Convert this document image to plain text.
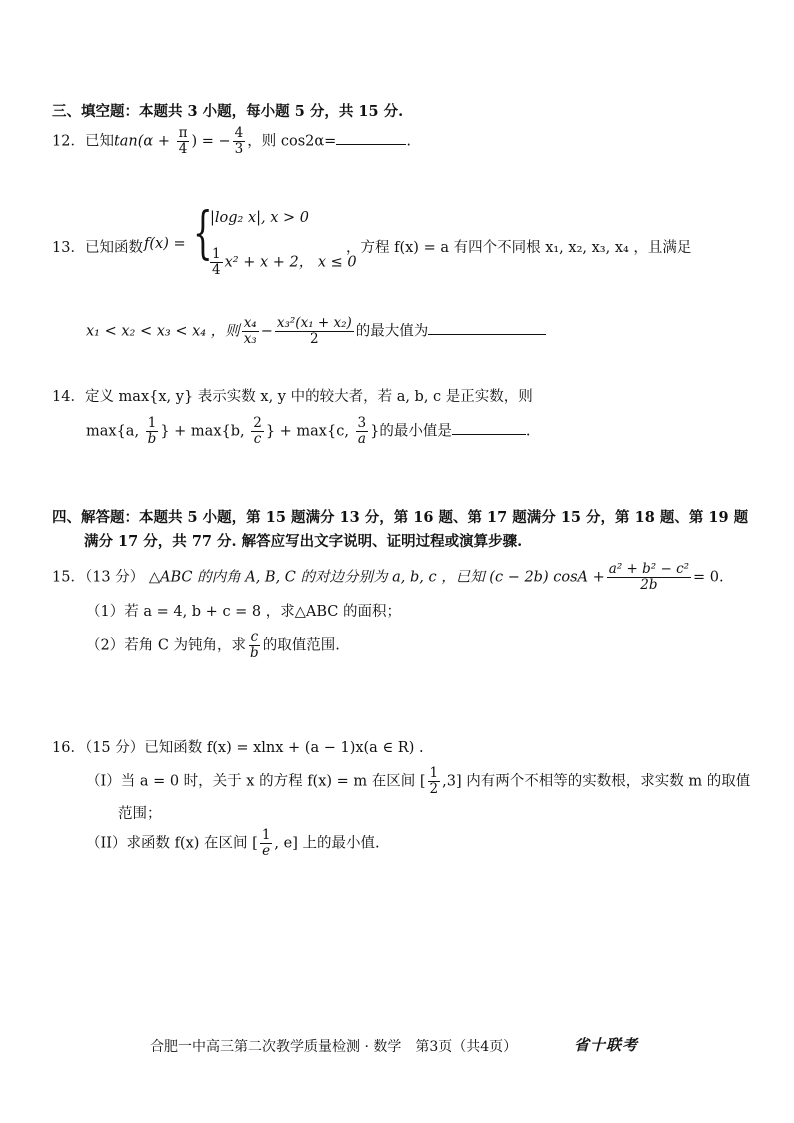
三、填空题：本题共 3 小题，每小题 5 分，共 15 分.
12．已知$\tan(\alpha + \frac{\pi}{4}$ ) = − $\frac{4}{3}$ ，则 cos2α=	.
13．已知函数 f(x) = {
|log₂ x|, x > 0
$\frac{1}{4} x^2 + x + 2$， x ≤ 0
，方程 f(x) = a 有四个不同根 x₁, x₂, x₃, x₄ ，且满足
x₁ < x₂ < x₃ < x₄ ，则 $\frac{\text{x₄}}{\text{x₃}} - \frac{\text{x₃²(x₁ + x₂)}}{2}$ 的最大值为
14．定义 max{x, y} 表示实数 x, y 中的较大者，若 a, b, c 是正实数，则
max{a, $\frac{1}{b}$ } + max{b, $\frac{2}{c}$ } + max{c, $\frac{3}{a}$ }的最小值是	.
四、解答题：本题共 5 小题，第 15 题满分 13 分，第 16 题、第 17 题满分 15 分，第 18 题、第 19 题
满分 17 分，共 77 分. 解答应写出文字说明、证明过程或演算步骤.
15．（13 分） △ABC 的内角 A, B, C 的对边分别为 a, b, c ，已知 (c − 2b) $\cos A + \frac{\text{a² + b² − c²}}{2b} = 0$.
（1）若 a = 4, b + c = 8 ，求△ABC 的面积；
（2）若角 C 为钝角，求 $\frac{c}{b}$ 的取值范围.
16．（15 分）已知函数 f(x) = xlnx + (a − 1)x(a ∈ R) .
（I）当 a = 0 时，关于 x 的方程 f(x) = m 在区间 [ $\frac{1}{2} ,3$] 内有两个不相等的实数根，求实数 m 的取值
范围；
（II）求函数 f(x) 在区间 [ $\frac{1}{e}$ , e] 上的最小值.
合肥一中高三第二次教学质量检测 · 数学　第3页（共4页）	省十联考
